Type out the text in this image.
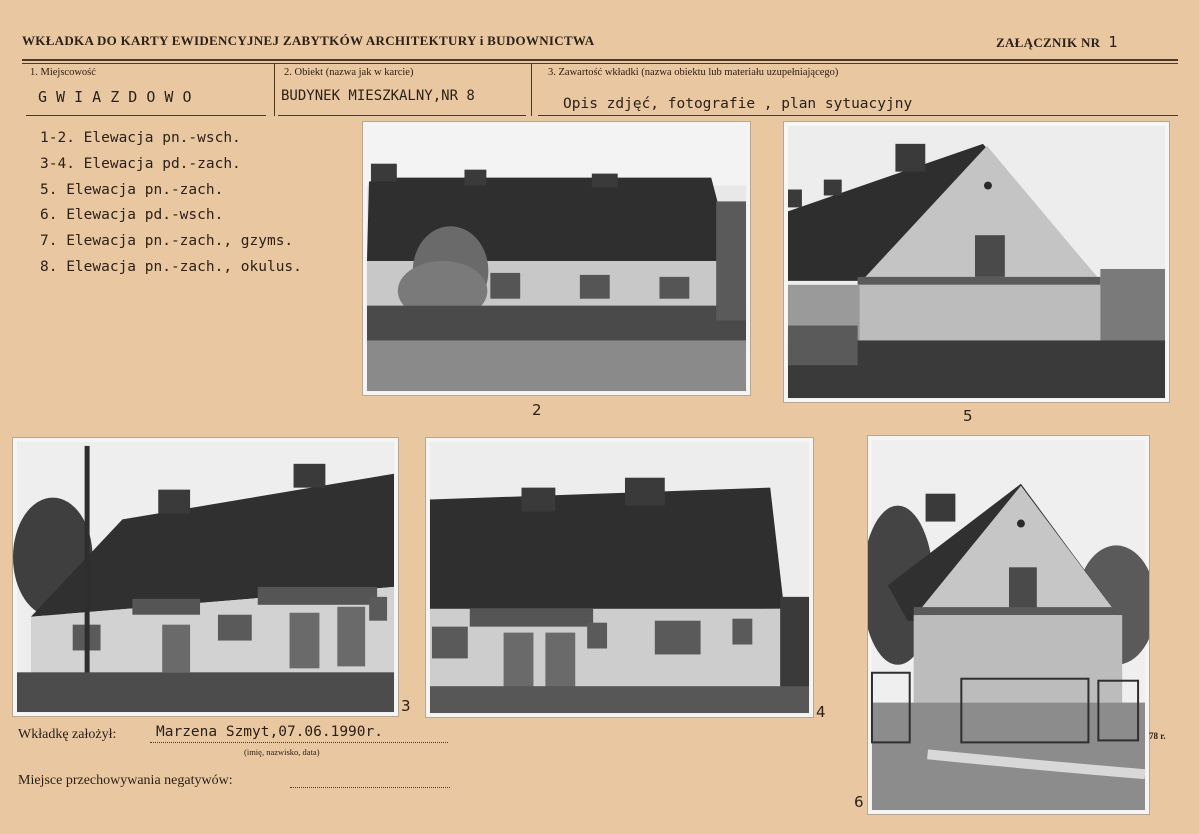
WKŁADKA DO KARTY EWIDENCYJNEJ ZABYTKÓW ARCHITEKTURY i BUDOWNICTWA	ZAŁĄCZNIK NR 1
1. Miejscowość
G W I A Z D O W O
2. Obiekt (nazwa jak w karcie)
BUDYNEK MIESZKALNY,NR 8
3. Zawartość wkładki (nazwa obiektu lub materiału uzupełniającego)
Opis zdjęć, fotografie , plan sytuacyjny
1-2. Elewacja pn.-wsch.
3-4. Elewacja pd.-zach.
5. Elewacja pn.-zach.
6. Elewacja pd.-wsch.
7. Elewacja pn.-zach., gzyms.
8. Elewacja pn.-zach., okulus.
2	5
3	4
6
78 r.
Wkładkę założył:	Marzena Szmyt,07.06.1990r.
(imię, nazwisko, data)
Miejsce przechowywania negatywów:
